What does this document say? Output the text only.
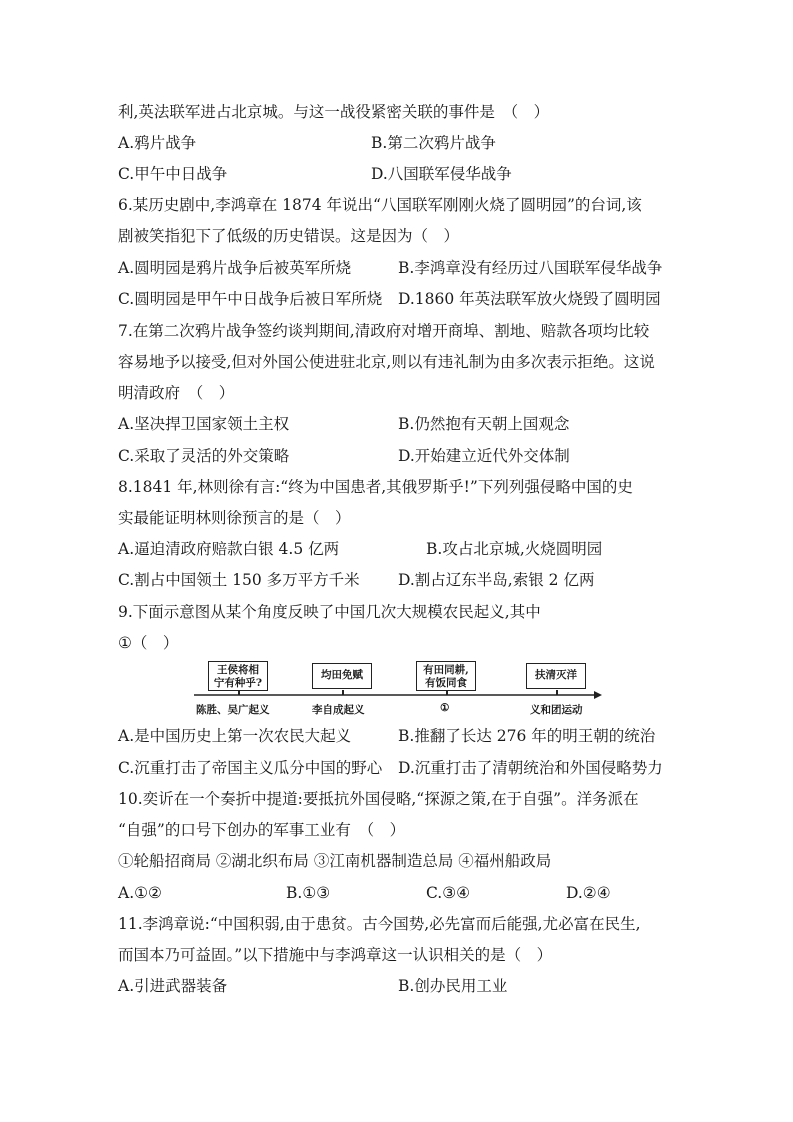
利,英法联军进占北京城。与这一战役紧密关联的事件是　（　）
A.鸦片战争	B.第二次鸦片战争
C.甲午中日战争	D.八国联军侵华战争
6.某历史剧中,李鸿章在 1874 年说出“八国联军刚刚火烧了圆明园”的台词,该
剧被笑指犯下了低级的历史错误。这是因为（　）
A.圆明园是鸦片战争后被英军所烧	B.李鸿章没有经历过八国联军侵华战争
C.圆明园是甲午中日战争后被日军所烧 D.1860 年英法联军放火烧毁了圆明园
7.在第二次鸦片战争签约谈判期间,清政府对增开商埠、割地、赔款各项均比较
容易地予以接受,但对外国公使进驻北京,则以有违礼制为由多次表示拒绝。这说
明清政府　（　）
A.坚决捍卫国家领土主权	B.仍然抱有天朝上国观念
C.采取了灵活的外交策略	D.开始建立近代外交体制
8.1841 年,林则徐有言:“终为中国患者,其俄罗斯乎!”下列列强侵略中国的史
实最能证明林则徐预言的是（　）
A.逼迫清政府赔款白银 4.5 亿两	B.攻占北京城,火烧圆明园
C.割占中国领土 150 多万平方千米 D.割占辽东半岛,索银 2 亿两
9.下面示意图从某个角度反映了中国几次大规模农民起义,其中
①（　）
王侯将相
宁有种乎?
均田免赋	有田同耕,
有饭同食
扶清灭洋
陈胜、吴广起义	李自成起义	①	义和团运动
A.是中国历史上第一次农民大起义	B.推翻了长达 276 年的明王朝的统治
C.沉重打击了帝国主义瓜分中国的野心 D.沉重打击了清朝统治和外国侵略势力
10.奕䜣在一个奏折中提道:要抵抗外国侵略,“探源之策,在于自强”。洋务派在
“自强”的口号下创办的军事工业有　（　）
①轮船招商局 ②湖北织布局 ③江南机器制造总局 ④福州船政局
A.①②	B.①③	C.③④	D.②④
11.李鸿章说:“中国积弱,由于患贫。古今国势,必先富而后能强,尤必富在民生,
而国本乃可益固。”以下措施中与李鸿章这一认识相关的是（　）
A.引进武器装备	B.创办民用工业
